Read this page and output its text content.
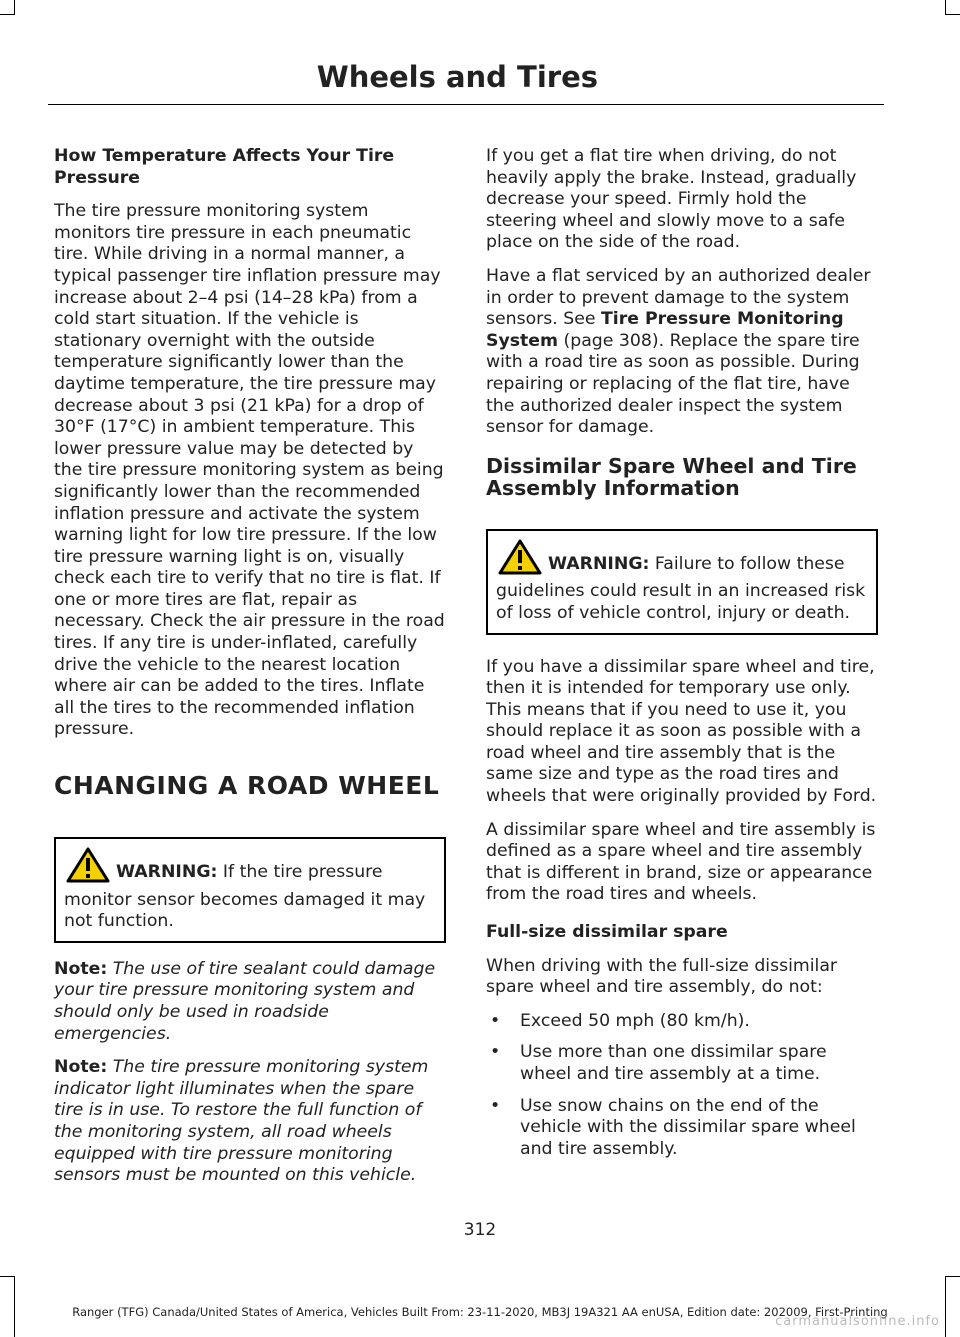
Wheels and Tires
How Temperature Affects Your Tire Pressure

The tire pressure monitoring system monitors tire pressure in each pneumatic tire. While driving in a normal manner, a typical passenger tire inflation pressure may increase about 2–4 psi (14–28 kPa) from a cold start situation. If the vehicle is stationary overnight with the outside temperature significantly lower than the daytime temperature, the tire pressure may decrease about 3 psi (21 kPa) for a drop of 30°F (17°C) in ambient temperature. This lower pressure value may be detected by the tire pressure monitoring system as being significantly lower than the recommended inflation pressure and activate the system warning light for low tire pressure. If the low tire pressure warning light is on, visually check each tire to verify that no tire is flat. If one or more tires are flat, repair as necessary. Check the air pressure in the road tires. If any tire is under-inflated, carefully drive the vehicle to the nearest location where air can be added to the tires. Inflate all the tires to the recommended inflation pressure.

CHANGING A ROAD WHEEL
WARNING: If the tire pressure monitor sensor becomes damaged it may not function.

Note: The use of tire sealant could damage your tire pressure monitoring system and should only be used in roadside emergencies.

Note: The tire pressure monitoring system indicator light illuminates when the spare tire is in use. To restore the full function of the monitoring system, all road wheels equipped with tire pressure monitoring sensors must be mounted on this vehicle.

If you get a flat tire when driving, do not heavily apply the brake. Instead, gradually decrease your speed. Firmly hold the steering wheel and slowly move to a safe place on the side of the road.

Have a flat serviced by an authorized dealer in order to prevent damage to the system sensors. See Tire Pressure Monitoring System (page 308). Replace the spare tire with a road tire as soon as possible. During repairing or replacing of the flat tire, have the authorized dealer inspect the system sensor for damage.

Dissimilar Spare Wheel and Tire Assembly Information
WARNING: Failure to follow these guidelines could result in an increased risk of loss of vehicle control, injury or death.

If you have a dissimilar spare wheel and tire, then it is intended for temporary use only. This means that if you need to use it, you should replace it as soon as possible with a road wheel and tire assembly that is the same size and type as the road tires and wheels that were originally provided by Ford.

A dissimilar spare wheel and tire assembly is defined as a spare wheel and tire assembly that is different in brand, size or appearance from the road tires and wheels.

Full-size dissimilar spare

When driving with the full-size dissimilar spare wheel and tire assembly, do not:

• Exceed 50 mph (80 km/h).
• Use more than one dissimilar spare wheel and tire assembly at a time.
• Use snow chains on the end of the vehicle with the dissimilar spare wheel and tire assembly.
312
Ranger (TFG) Canada/United States of America, Vehicles Built From: 23-11-2020, MB3J 19A321 AA enUSA, Edition date: 202009, First-Printing
carmanualsonline.info
